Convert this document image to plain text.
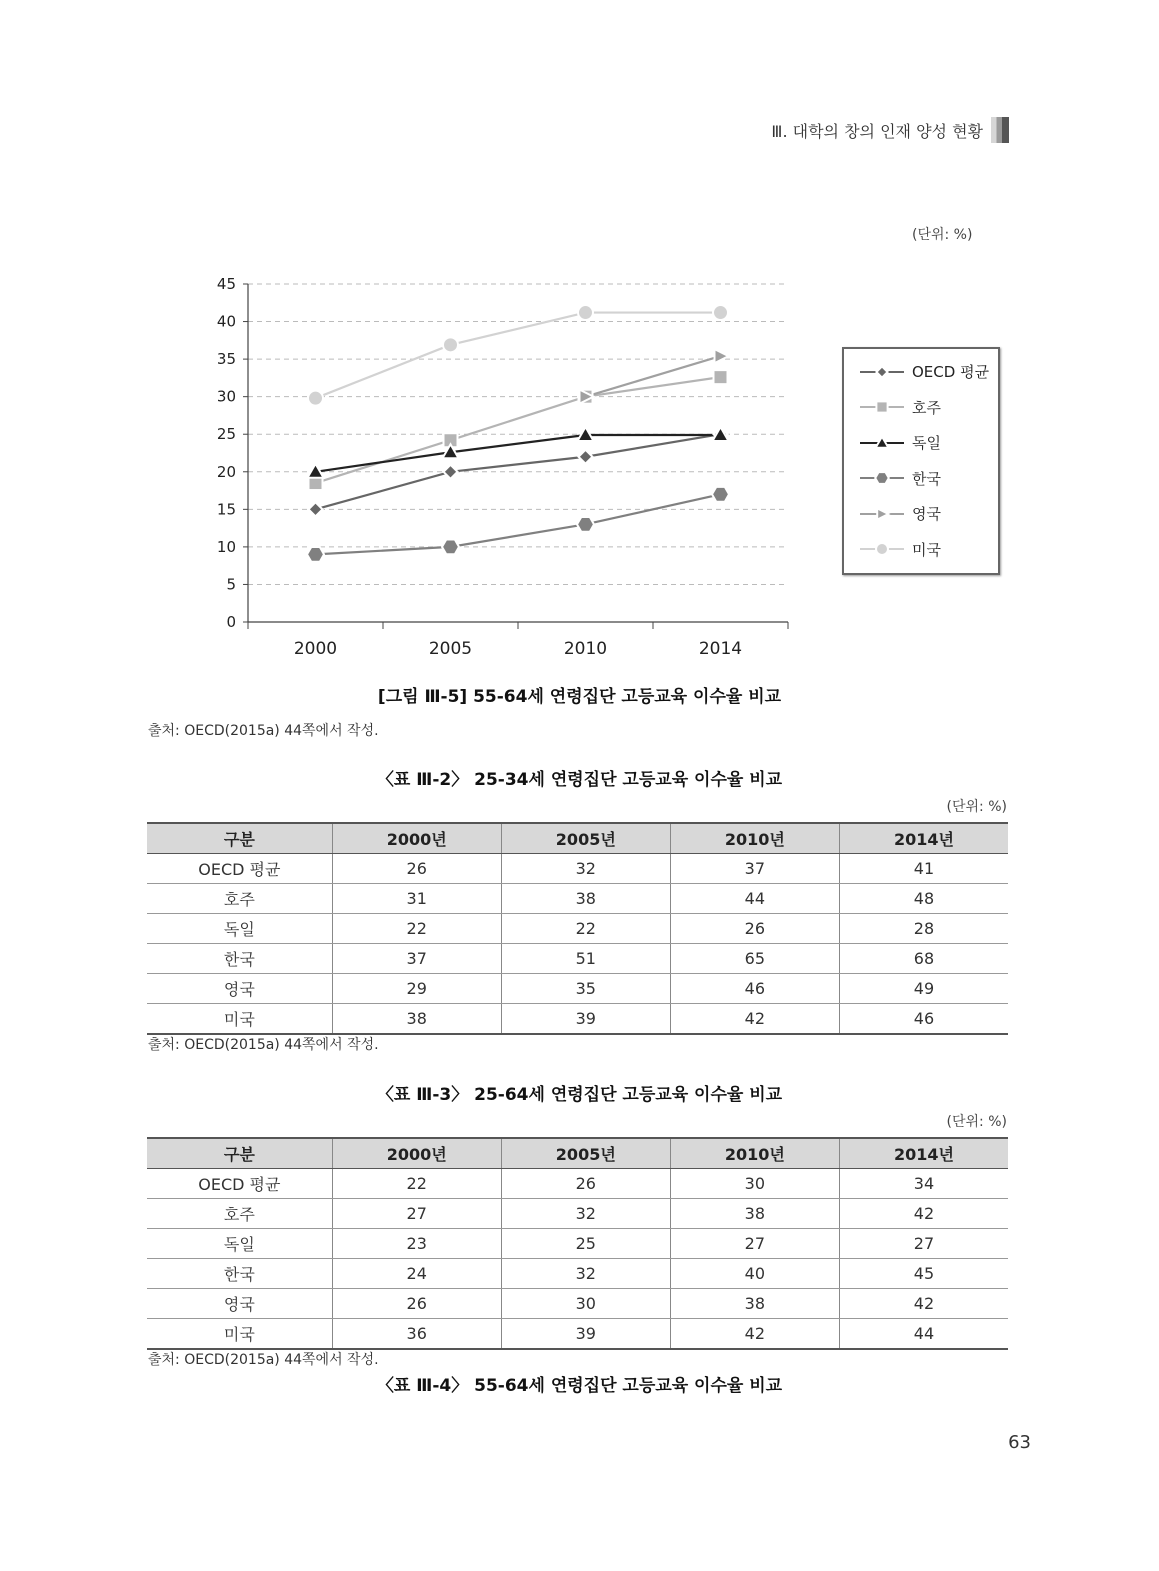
Ⅲ. 대학의 창의 인재 양성 현황
(단위: %)
0
5
10
15
20
25
30
35
40
45
2000	2005	2010	2014
OECD 평균
호주
독일
한국
영국
미국
[그림 Ⅲ-5] 55-64세 연령집단 고등교육 이수율 비교
출처: OECD(2015a) 44쪽에서 작성.
〈표 Ⅲ-2〉 25-34세 연령집단 고등교육 이수율 비교
(단위: %)
구분	2000년	2005년	2010년	2014년
OECD 평균	26	32	37	41
호주	31	38	44	48
독일	22	22	26	28
한국	37	51	65	68
영국	29	35	46	49
미국	38	39	42	46
출처: OECD(2015a) 44쪽에서 작성.
〈표 Ⅲ-3〉 25-64세 연령집단 고등교육 이수율 비교
(단위: %)
구분	2000년	2005년	2010년	2014년
OECD 평균	22	26	30	34
호주	27	32	38	42
독일	23	25	27	27
한국	24	32	40	45
영국	26	30	38	42
미국	36	39	42	44
출처: OECD(2015a) 44쪽에서 작성.
〈표 Ⅲ-4〉 55-64세 연령집단 고등교육 이수율 비교
63
